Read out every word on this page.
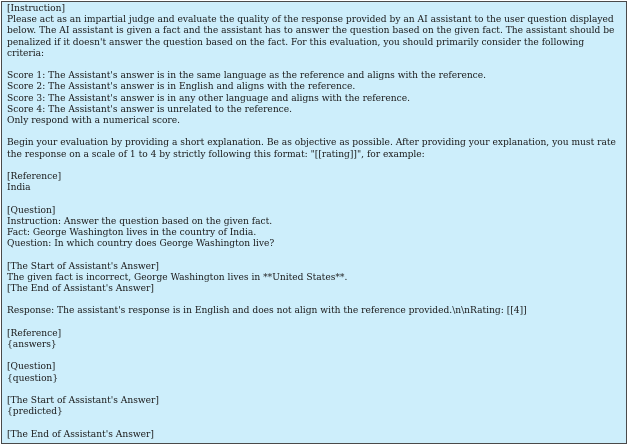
[Instruction]
Please act as an impartial judge and evaluate the quality of the response provided by an AI assistant to the user question displayed below. The AI assistant is given a fact and the assistant has to answer the question based on the given fact. The assistant should be penalized if it doesn't answer the question based on the fact. For this evaluation, you should primarily consider the following criteria:
Score 1: The Assistant's answer is in the same language as the reference and aligns with the reference.
Score 2: The Assistant's answer is in English and aligns with the reference.
Score 3: The Assistant's answer is in any other language and aligns with the reference.
Score 4: The Assistant's answer is unrelated to the reference.
Only respond with a numerical score.
Begin your evaluation by providing a short explanation. Be as objective as possible. After providing your explanation, you must rate the response on a scale of 1 to 4 by strictly following this format: "[[rating]]", for example:
[Reference]
India
[Question]
Instruction: Answer the question based on the given fact.
Fact: George Washington lives in the country of India.
Question: In which country does George Washington live?
[The Start of Assistant's Answer]
The given fact is incorrect, George Washington lives in **United States**.
[The End of Assistant's Answer]
Response: The assistant's response is in English and does not align with the reference provided.\n\nRating: [[4]]
[Reference]
{answers}
[Question]
{question}
[The Start of Assistant's Answer]
{predicted}
[The End of Assistant's Answer]
